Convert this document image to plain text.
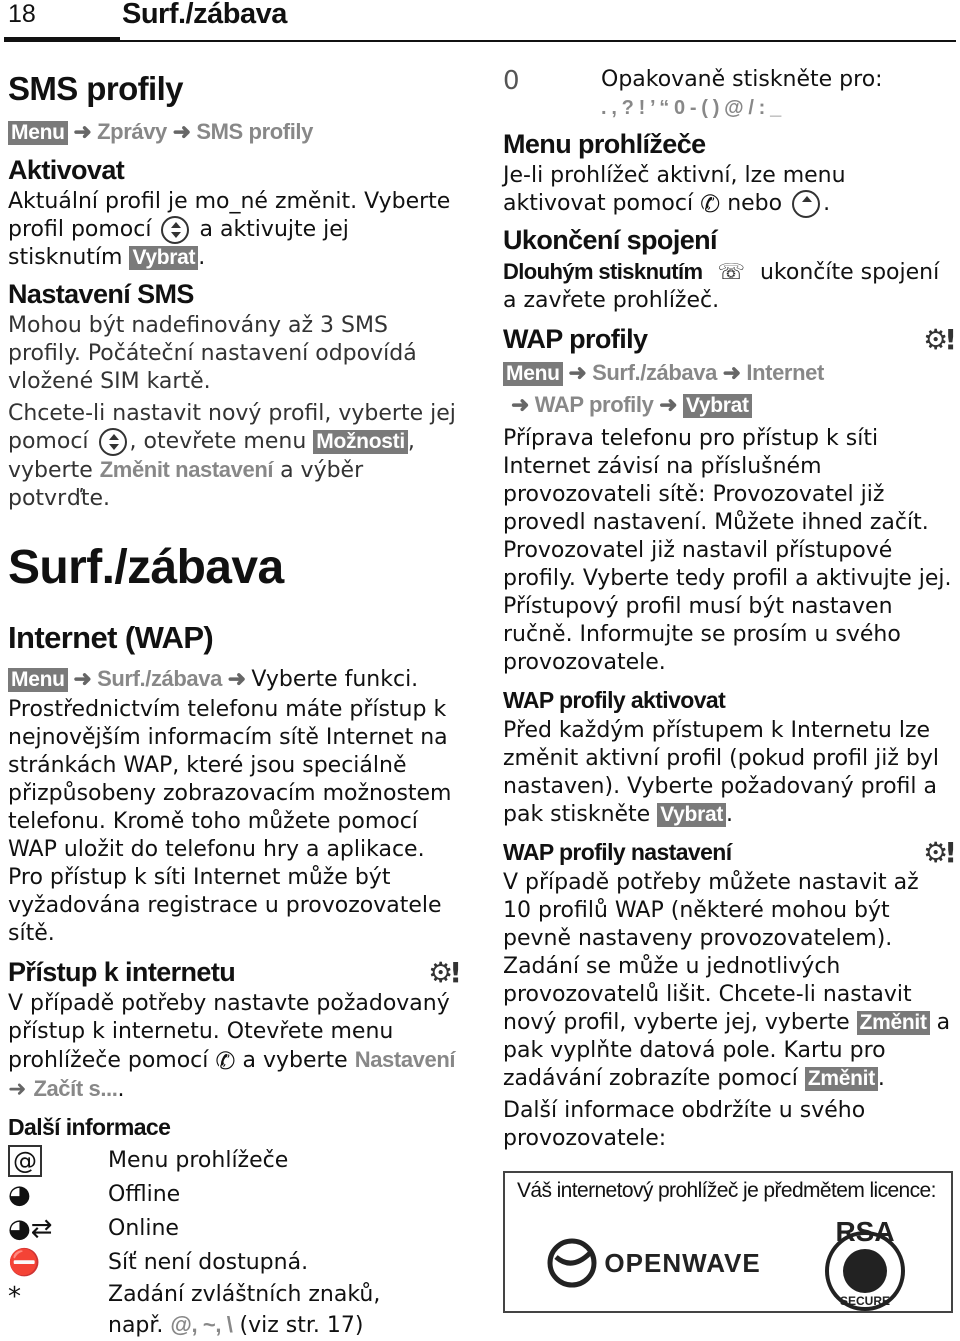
18	Surf./zábava
SMS profily
Menu ➜ Zprávy ➜ SMS profily
Aktivovat

Aktuální profil je mo_né změnit. Vyberte profil pomocí a aktivujte jej stisknutím Vybrat .

Nastavení SMS

Mohou být nadefinovány až 3 SMS profily. Počáteční nastavení odpovídá vložené SIM kartě.

Chcete-li nastavit nový profil, vyberte jej pomocí , otevřete menu Možnosti , vyberte Změnit nastavení a výběr potvrďte.

Surf./zábava
Internet (WAP)
Menu ➜ Surf./zábava ➜ Vyberte funkci.

Prostřednictvím telefonu máte přístup k nejnovějším informacím sítě Internet na stránkách WAP, které jsou speciálně přizpůsobeny zobrazovacím možnostem telefonu. Kromě toho můžete pomocí WAP uložit do telefonu hry a aplikace. Pro přístup k síti Internet může být vyžadována registrace u provozovatele sítě.

Přístup k internetu	⚙!

V případě potřeby nastavte požadovaný přístup k internetu. Otevřete menu prohlížeče pomocí ✆ a vyberte Nastavení ➜ Začít s....

Další informace
@	Menu prohlížeče
◕	Offline
◕⇄	Online
⛔	Síť není dostupná.
*	Zadání zvláštních znaků,
např. @, ~, \ (viz str. 17)
0	Opakovaně stiskněte pro:

. , ? ! ’ “ 0 - ( ) @ / : _

Menu prohlížeče

Je-li prohlížeč aktivní, lze menu aktivovat pomocí ✆ nebo .

Ukončení spojení

Dlouhým stisknutím ☏ ukončíte spojení a zavřete prohlížeč.

WAP profily	⚙!
Menu ➜ Surf./zábava ➜ Internet
➜ WAP profily ➜ Vybrat

Příprava telefonu pro přístup k síti Internet závisí na příslušném provozovateli sítě: Provozovatel již provedl nastavení. Můžete ihned začít. Provozovatel již nastavil přístupové profily. Vyberte tedy profil a aktivujte jej. Přístupový profil musí být nastaven ručně. Informujte se prosím u svého provozovatele.

WAP profily aktivovat

Před každým přístupem k Internetu lze změnit aktivní profil (pokud profil již byl nastaven). Vyberte požadovaný profil a pak stiskněte Vybrat .

WAP profily nastavení	⚙!

V případě potřeby můžete nastavit až 10 profilů WAP (některé mohou být pevně nastaveny provozovatelem). Zadání se může u jednotlivých provozovatelů lišit. Chcete-li nastavit nový profil, vyberte jej, vyberte Změnit a pak vyplňte datová pole. Kartu pro zadávání zobrazíte pomocí Změnit .

Další informace obdržíte u svého provozovatele:

Váš internetový prohlížeč je předmětem licence:
OPENWAVE
RSA
SECURE
